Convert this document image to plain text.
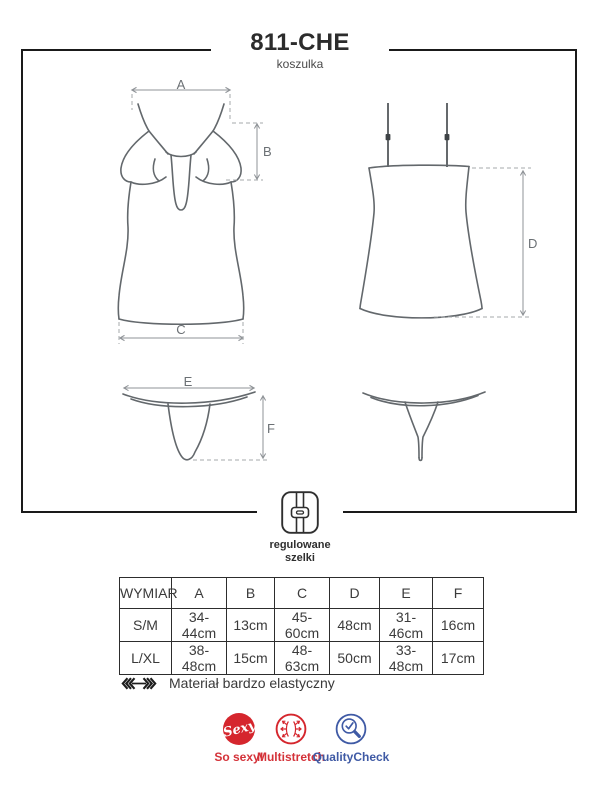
811-CHE
koszulka
A
B
C
D
E
F
regulowane
szelki
WYMIAR	A	B	C	D	E	F
S/M	34-44cm	13cm	45-60cm	48cm	31-46cm	16cm
L/XL	38-48cm	15cm	48-63cm	50cm	33-48cm	17cm
Materiał bardzo elastyczny
Sexy
So sexy!
Multistretch
QualityCheck
